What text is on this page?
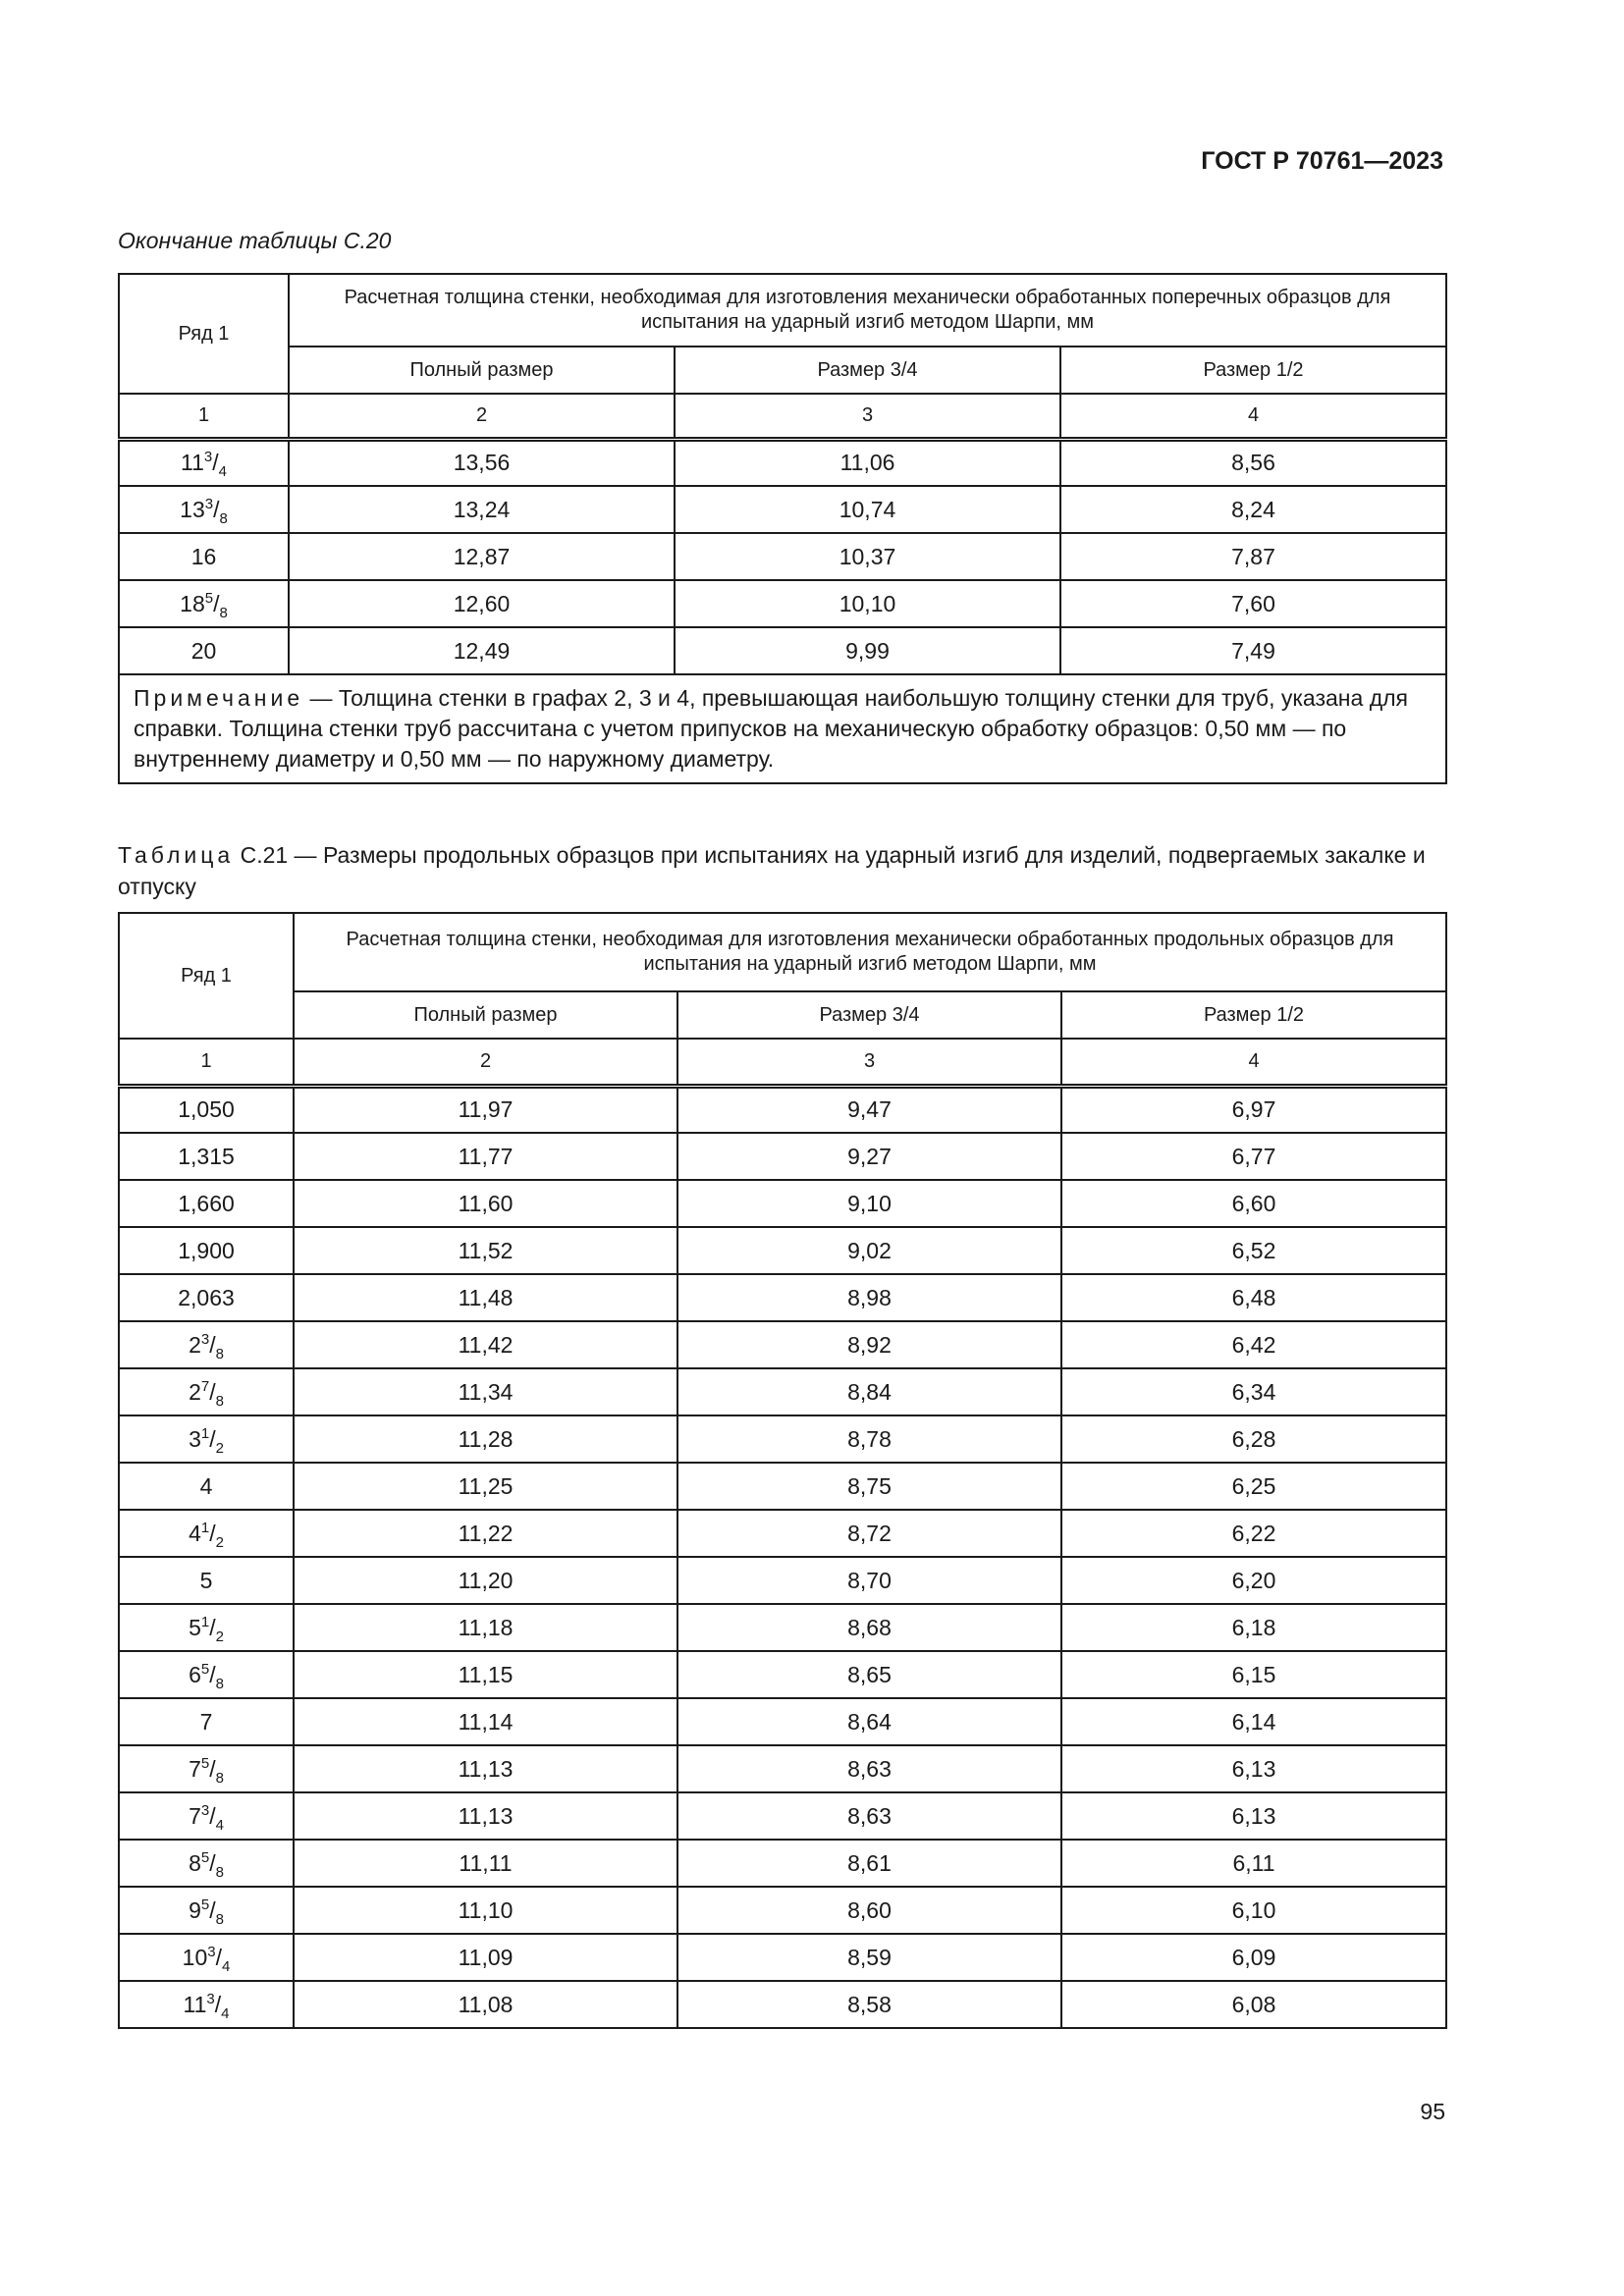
ГОСТ Р 70761—2023
Окончание таблицы С.20
Ряд 1	Расчетная толщина стенки, необходимая для изготовления механически обработанных поперечных образцов для испытания на ударный изгиб методом Шарпи, мм		
	Полный размер	Размер 3/4	Размер 1/2
1	2	3	4
$11^3/_4$	13,56	11,06	8,56
$13^3/_8$	13,24	10,74	8,24
16	12,87	10,37	7,87
$18^5/_8$	12,60	10,10	7,60
20	12,49	9,99	7,49
Примечание — Толщина стенки в графах 2, 3 и 4, превышающая наибольшую толщину стенки для труб, указана для справки. Толщина стенки труб рассчитана с учетом припусков на механическую обработку образцов: 0,50 мм — по внутреннему диаметру и 0,50 мм — по наружному диаметру.			
Таблица С.21 — Размеры продольных образцов при испытаниях на ударный изгиб для изделий, подвергаемых закалке и отпуску
Ряд 1	Расчетная толщина стенки, необходимая для изготовления механически обработанных продольных образцов для испытания на ударный изгиб методом Шарпи, мм		
	Полный размер	Размер 3/4	Размер 1/2
1	2	3	4
1,050	11,97	9,47	6,97
1,315	11,77	9,27	6,77
1,660	11,60	9,10	6,60
1,900	11,52	9,02	6,52
2,063	11,48	8,98	6,48
$2^3/_8$	11,42	8,92	6,42
$2^7/_8$	11,34	8,84	6,34
$3^1/_2$	11,28	8,78	6,28
4	11,25	8,75	6,25
$4^1/_2$	11,22	8,72	6,22
5	11,20	8,70	6,20
$5^1/_2$	11,18	8,68	6,18
$6^5/_8$	11,15	8,65	6,15
7	11,14	8,64	6,14
$7^5/_8$	11,13	8,63	6,13
$7^3/_4$	11,13	8,63	6,13
$8^5/_8$	11,11	8,61	6,11
$9^5/_8$	11,10	8,60	6,10
$10^3/_4$	11,09	8,59	6,09
$11^3/_4$	11,08	8,58	6,08
95
